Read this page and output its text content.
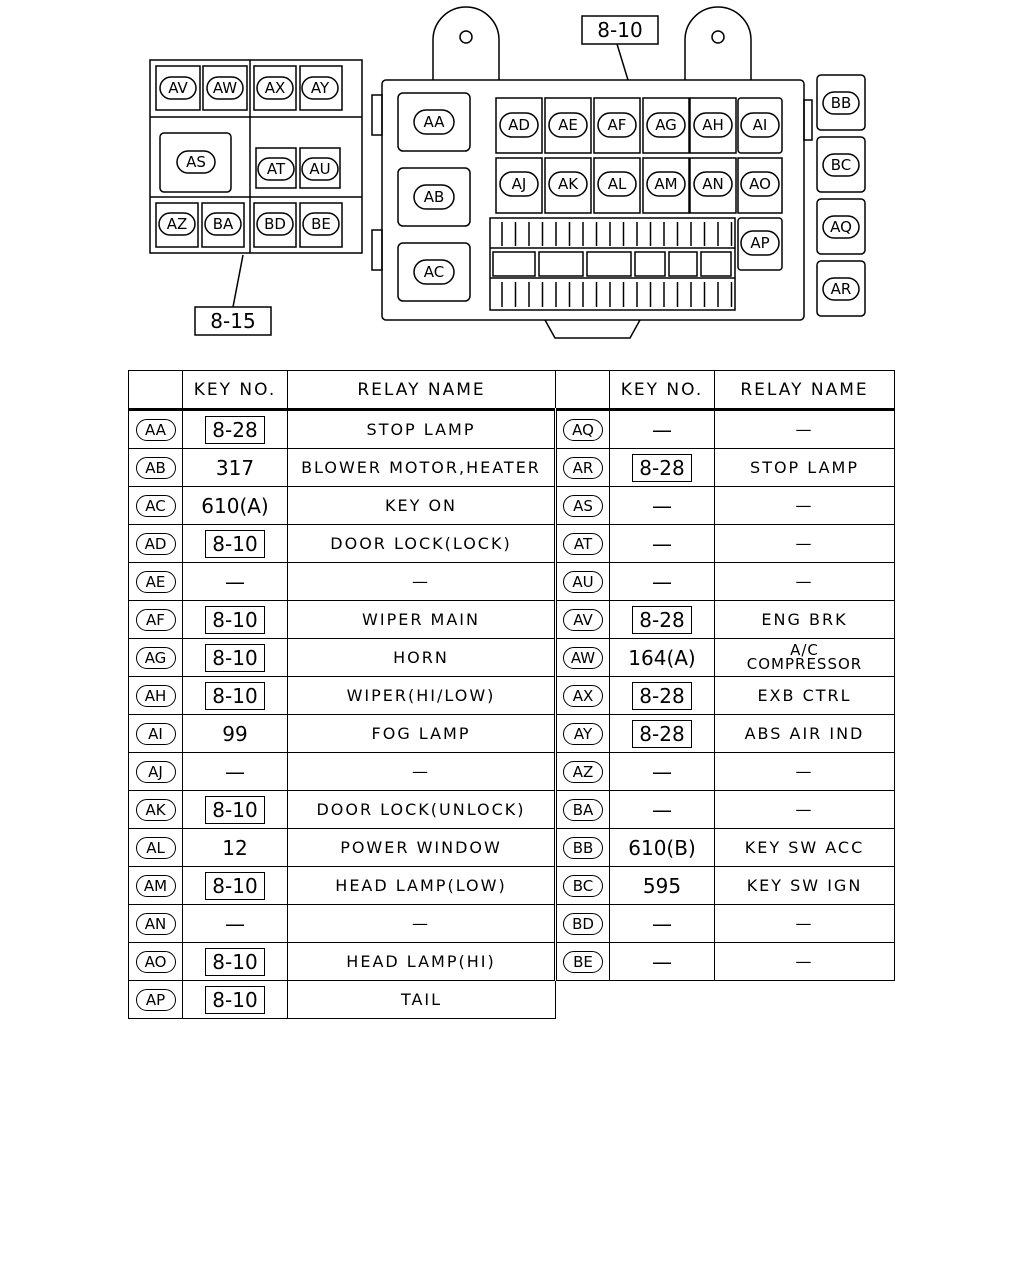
AV AW AX AY
AS	AT AU
AZ BA BD BE
AA
AB
AC
AD AE AF AG AH AI
AJ AK AL AM AN AO
AP
BB
BC
AQ
AR
8-10
8-15
	KEY NO.	RELAY NAME		KEY NO.	RELAY NAME
AA	8-28	STOP LAMP	AQ	—	—
AB	317	BLOWER MOTOR,HEATER	AR	8-28	STOP LAMP
AC	610(A)	KEY ON	AS	—	—
AD	8-10	DOOR LOCK(LOCK)	AT	—	—
AE	—	—	AU	—	—
AF	8-10	WIPER MAIN	AV	8-28	ENG BRK
AG	8-10	HORN	AW	164(A)	A/C COMPRESSOR
AH	8-10	WIPER(HI/LOW)	AX	8-28	EXB CTRL
AI	99	FOG LAMP	AY	8-28	ABS AIR IND
AJ	—	—	AZ	—	—
AK	8-10	DOOR LOCK(UNLOCK)	BA	—	—
AL	12	POWER WINDOW	BB	610(B)	KEY SW ACC
AM	8-10	HEAD LAMP(LOW)	BC	595	KEY SW IGN
AN	—	—	BD	—	—
AO	8-10	HEAD LAMP(HI)	BE	—	—
AP	8-10	TAIL			
